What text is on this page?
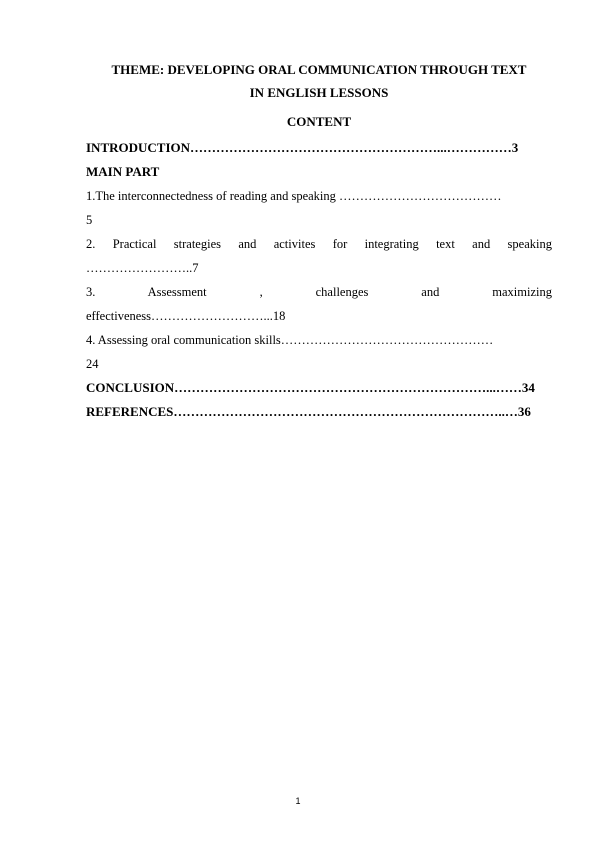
THEME: DEVELOPING ORAL COMMUNICATION THROUGH TEXT
IN ENGLISH LESSONS
CONTENT
INTRODUCTION…………………………………………………...……………3
MAIN PART
1.The interconnectedness of reading and speaking …………………………………
5
2. Practical strategies and activites for integrating text and speaking
……………………..7
3. Assessment , challenges and maximizing
effectiveness………………………...18
4. Assessing oral communication skills……………………………………………
24
CONCLUSION………………………………………………………………...……34
REFERENCES…………………………………………………………………..…36
1
